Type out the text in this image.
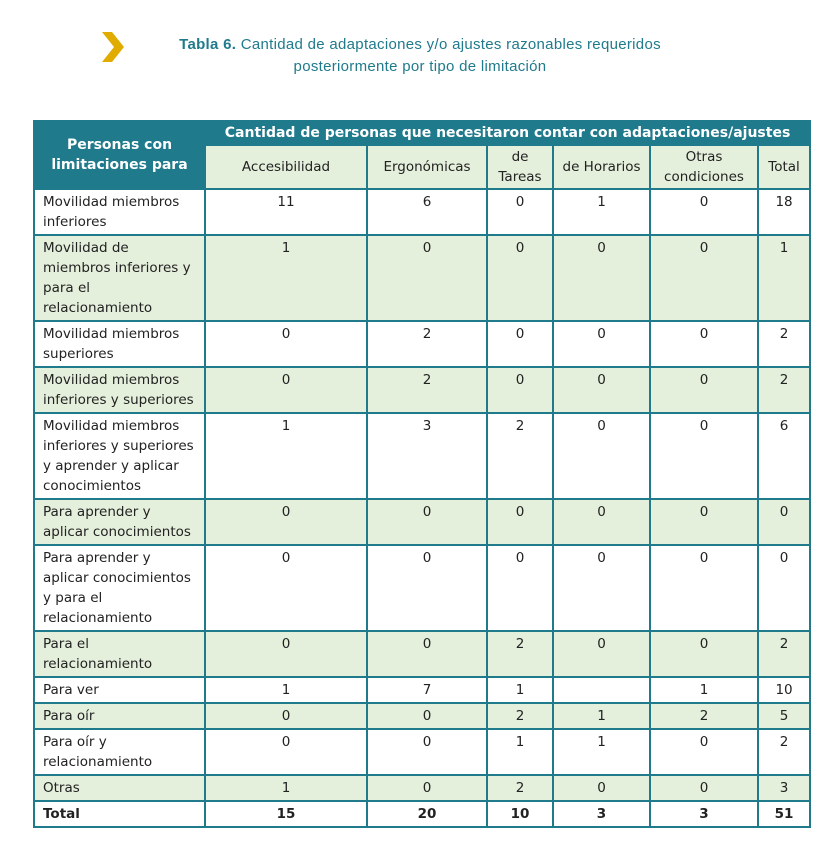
Tabla 6. Cantidad de adaptaciones y/o ajustes razonables requeridos
posteriormente por tipo de limitación
Personas con limitaciones para	Cantidad de personas que necesitaron contar con adaptaciones/ajustes					
	Accesibilidad	Ergonómicas	de Tareas	de Horarios	Otras condiciones	Total
Movilidad miembros inferiores	11	6	0	1	0	18
Movilidad de miembros inferiores y para el relacionamiento	1	0	0	0	0	1
Movilidad miembros superiores	0	2	0	0	0	2
Movilidad miembros inferiores y superiores	0	2	0	0	0	2
Movilidad miembros inferiores y superiores y aprender y aplicar conocimientos	1	3	2	0	0	6
Para aprender y aplicar conocimientos	0	0	0	0	0	0
Para aprender y aplicar conocimientos y para el relacionamiento	0	0	0	0	0	0
Para el relacionamiento	0	0	2	0	0	2
Para ver	1	7	1		1	10
Para oír	0	0	2	1	2	5
Para oír y relacionamiento	0	0	1	1	0	2
Otras	1	0	2	0	0	3
Total	15	20	10	3	3	51
